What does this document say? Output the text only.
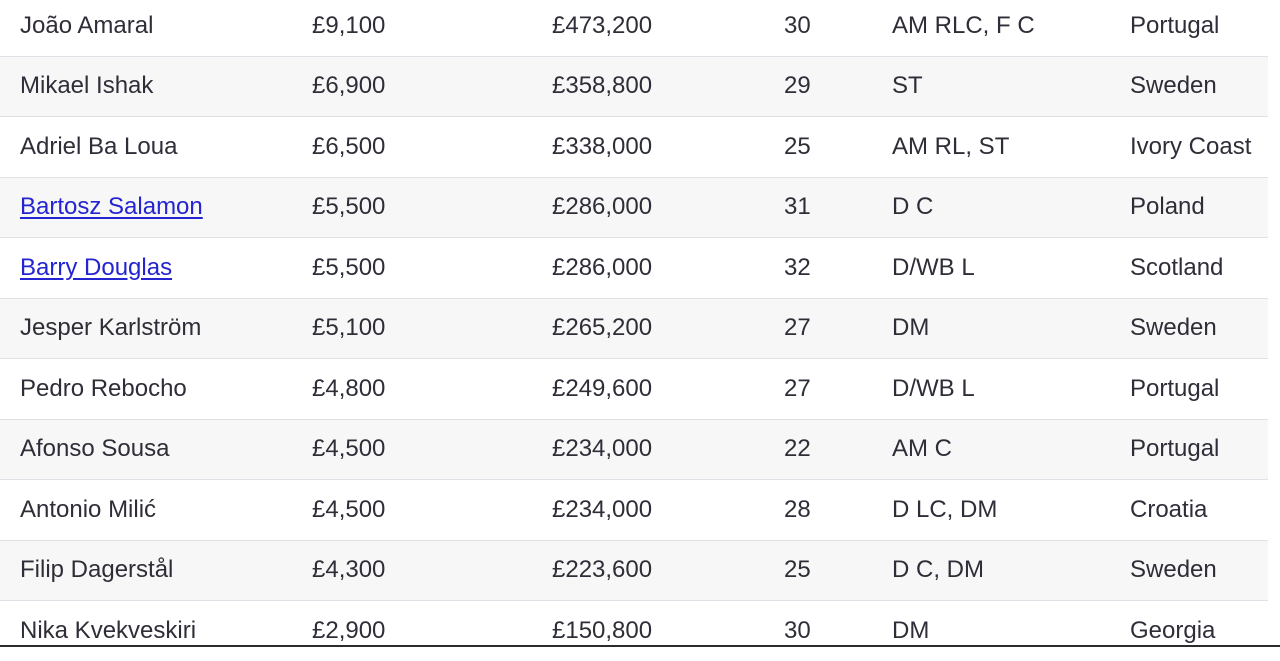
João Amaral	£9,100	£473,200	30	AM RLC, F C	Portugal
Mikael Ishak	£6,900	£358,800	29	ST	Sweden
Adriel Ba Loua	£6,500	£338,000	25	AM RL, ST	Ivory Coast
Bartosz Salamon	£5,500	£286,000	31	D C	Poland
Barry Douglas	£5,500	£286,000	32	D/WB L	Scotland
Jesper Karlström	£5,100	£265,200	27	DM	Sweden
Pedro Rebocho	£4,800	£249,600	27	D/WB L	Portugal
Afonso Sousa	£4,500	£234,000	22	AM C	Portugal
Antonio Milić	£4,500	£234,000	28	D LC, DM	Croatia
Filip Dagerstål	£4,300	£223,600	25	D C, DM	Sweden
Nika Kvekveskiri	£2,900	£150,800	30	DM	Georgia
